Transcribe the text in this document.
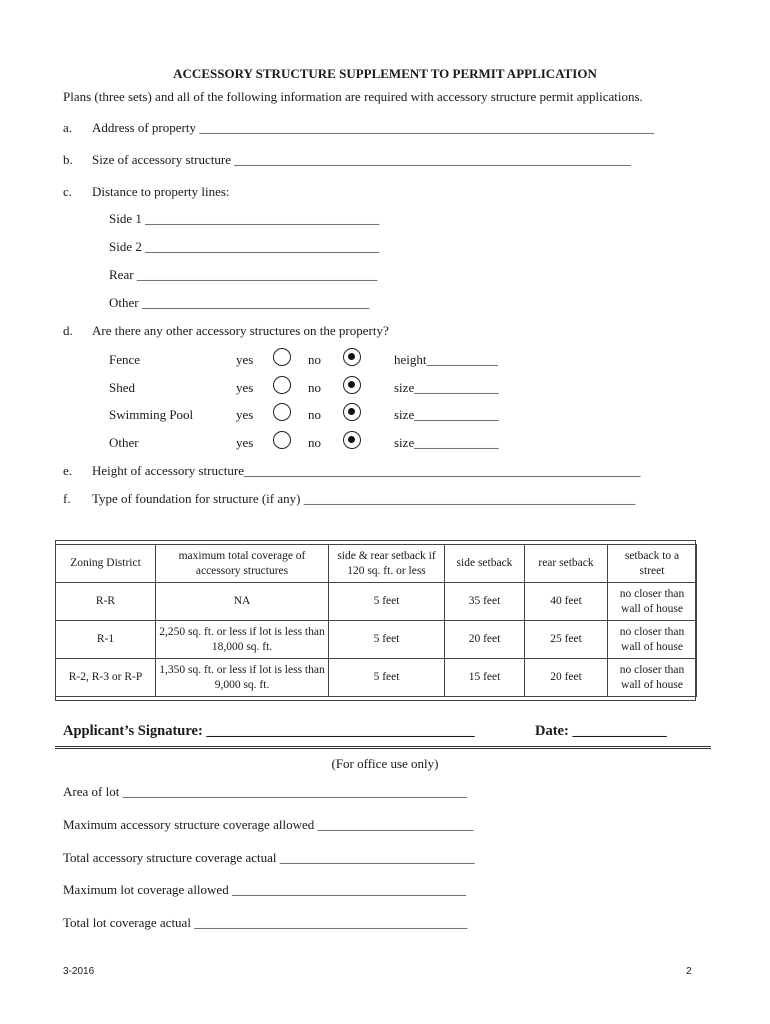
ACCESSORY STRUCTURE SUPPLEMENT TO PERMIT APPLICATION
Plans (three sets) and all of the following information are required with accessory structure permit applications.
a. Address of property ______________________________________________________________________
b. Size of accessory structure _____________________________________________________________
c. Distance to property lines:
Side 1 ____________________________________
Side 2 ____________________________________
Rear _____________________________________
Other ___________________________________
d. Are there any other accessory structures on the property?
Fence	yes	no	height___________
Shed	yes	no	size_____________
Swimming Pool	yes	no	size_____________
Other	yes	no	size_____________
e. Height of accessory structure_____________________________________________________________
f. Type of foundation for structure (if any) ___________________________________________________
Zoning District	maximum total coverage of accessory structures	side & rear setback if 120 sq. ft. or less	side setback	rear setback	setback to a street
R-R	NA	5 feet	35 feet	40 feet	no closer than wall of house
R-1	2,250 sq. ft. or less if lot is less than 18,000 sq. ft.	5 feet	20 feet	25 feet	no closer than wall of house
R-2, R-3 or R-P	1,350 sq. ft. or less if lot is less than 9,000 sq. ft.	5 feet	15 feet	20 feet	no closer than wall of house
Applicant’s Signature: _____________________________________	Date: _____________
(For office use only)
Area of lot _____________________________________________________
Maximum accessory structure coverage allowed ________________________
Total accessory structure coverage actual ______________________________
Maximum lot coverage allowed ____________________________________
Total lot coverage actual __________________________________________
3-2016	2
